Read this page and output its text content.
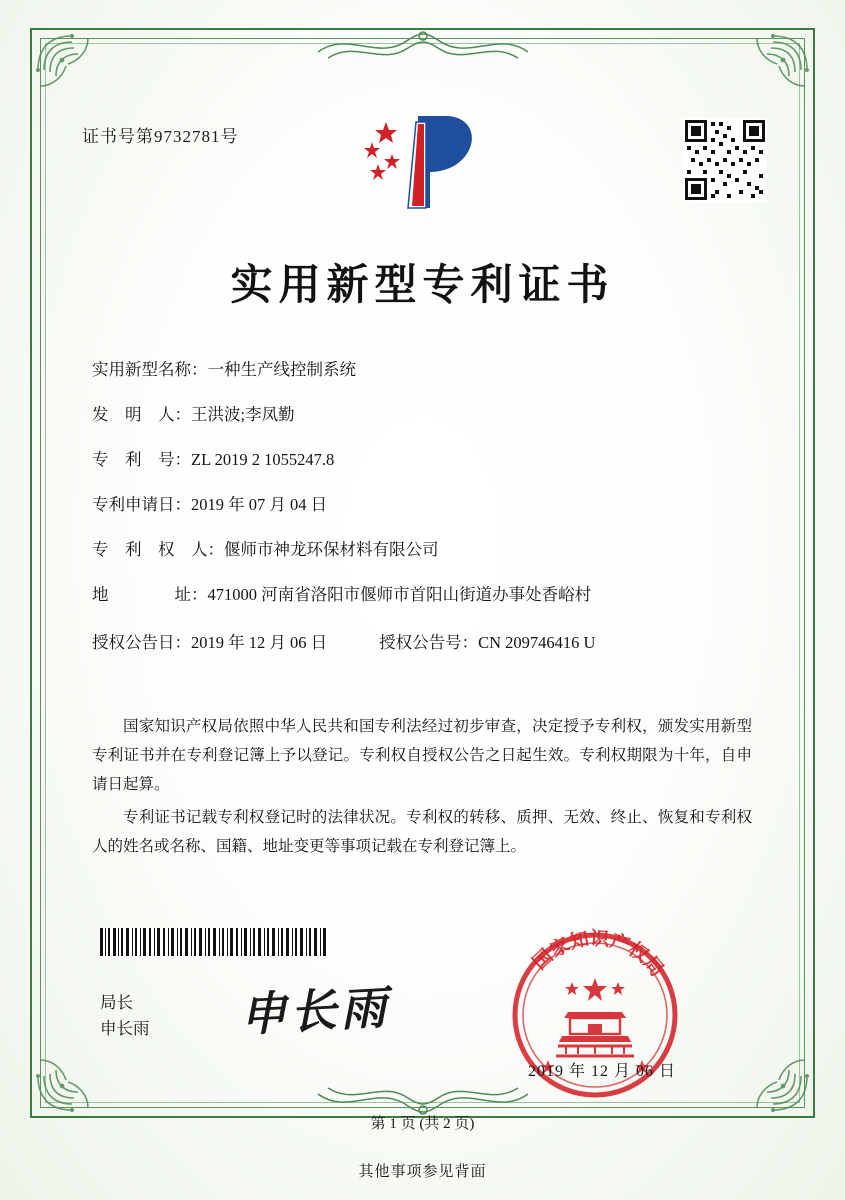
证书号第9732781号
实用新型专利证书
实用新型名称： 一种生产线控制系统
发　明　人： 王洪波;李凤勤
专　利　号： ZL 2019 2 1055247.8
专利申请日： 2019 年 07 月 04 日
专　利　权　人： 偃师市神龙环保材料有限公司
地　　　　址： 471000 河南省洛阳市偃师市首阳山街道办事处香峪村
授权公告日： 2019 年 12 月 06 日	授权公告号： CN 209746416 U

国家知识产权局依照中华人民共和国专利法经过初步审查，决定授予专利权，颁发实用新型专利证书并在专利登记簿上予以登记。专利权自授权公告之日起生效。专利权期限为十年，自申请日起算。

专利证书记载专利权登记时的法律状况。专利权的转移、质押、无效、终止、恢复和专利权人的姓名或名称、国籍、地址变更等事项记载在专利登记簿上。

局长
申长雨 申长雨
国家知识产权局
2019 年 12 月 06 日
第 1 页 (共 2 页)
其他事项参见背面
